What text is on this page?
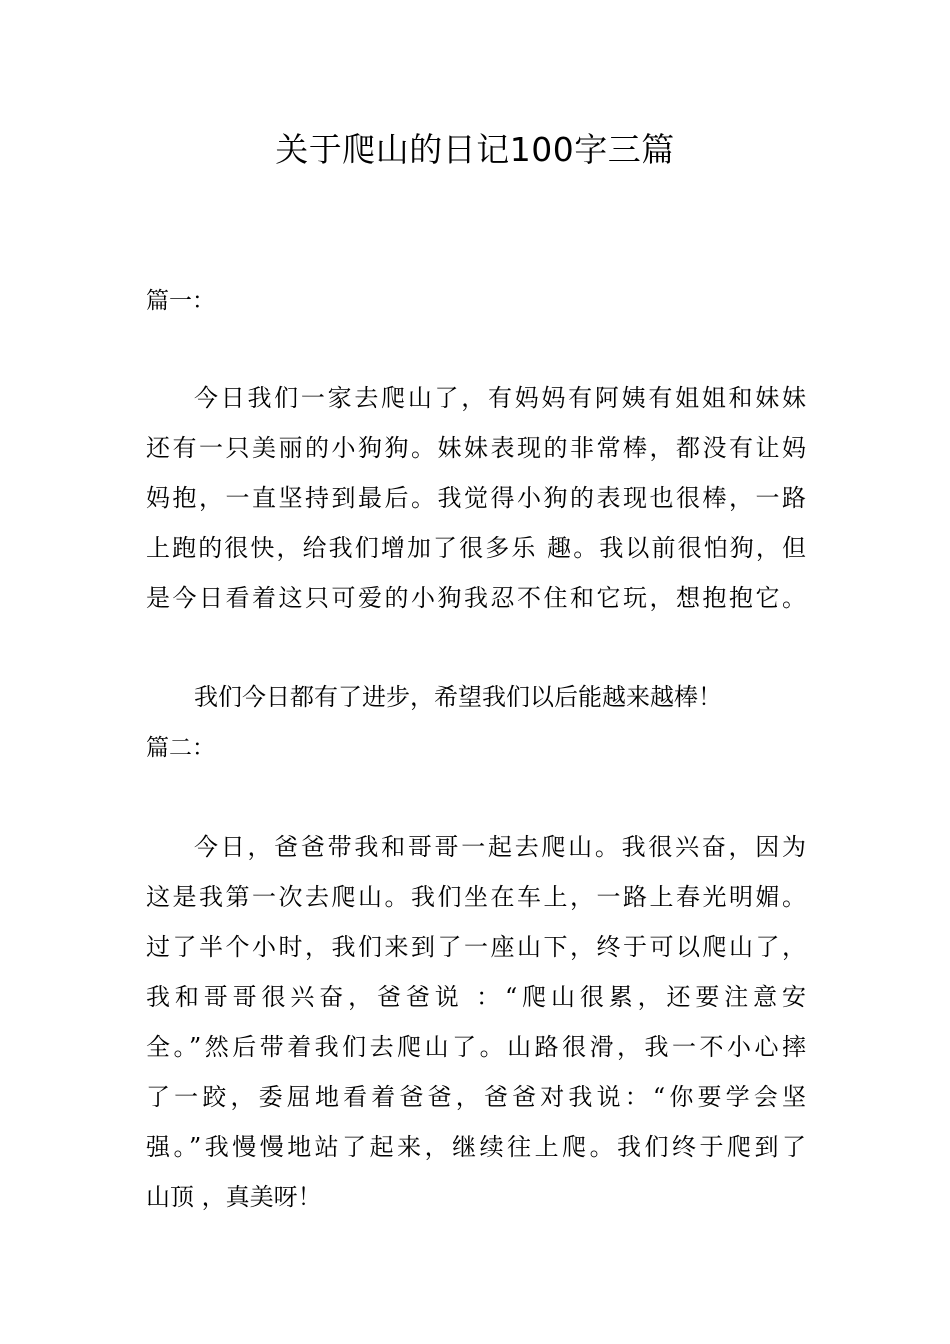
关于爬山的日记100字三篇
篇一：
今日我们一家去爬山了，有妈妈有阿姨有姐姐和妹妹
还有一只美丽的小狗狗。妹妹表现的非常棒，都没有让妈
妈抱，一直坚持到最后。我觉得小狗的表现也很棒，一路
上跑的很快，给我们增加了很多乐 趣。我以前很怕狗，但
是今日看着这只可爱的小狗我忍不住和它玩，想抱抱它。
我们今日都有了进步，希望我们以后能越来越棒！
篇二：
今日，爸爸带我和哥哥一起去爬山。我很兴奋，因为
这是我第一次去爬山。我们坐在车上，一路上春光明媚。
过了半个小时，我们来到了一座山下，终于可以爬山了，
我和哥哥很兴奋，爸爸说 ：“爬山很累，还要注意安
全。”然后带着我们去爬山了。山路很滑，我一不小心摔
了一跤，委屈地看着爸爸，爸爸对我说：“你要学会坚
强。”我慢慢地站了起来，继续往上爬。我们终于爬到了
山顶 ，真美呀！
